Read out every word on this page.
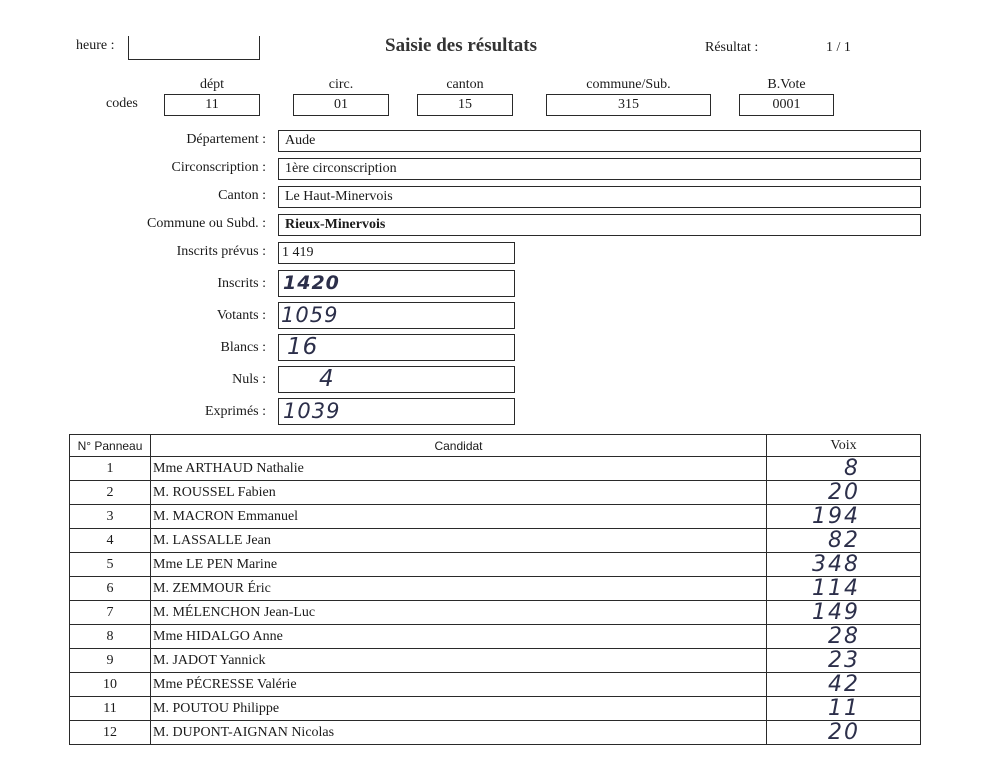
heure :	Saisie des résultats	Résultat :	1 / 1
dépt	circ.	canton	commune/Sub.	B.Vote
codes	11	01	15	315	0001
Département :	Aude
Circonscription :	1ère circonscription
Canton :	Le Haut-Minervois
Commune ou Subd. :	Rieux-Minervois
Inscrits prévus : 1 419
Inscrits : 1420
Votants : 1059
Blancs : 16
Nuls : 4
Exprimés : 1039
N° Panneau	Candidat	Voix
1	Mme ARTHAUD Nathalie	8
2	M. ROUSSEL Fabien	20
3	M. MACRON Emmanuel	194
4	M. LASSALLE Jean	82
5	Mme LE PEN Marine	348
6	M. ZEMMOUR Éric	114
7	M. MÉLENCHON Jean-Luc	149
8	Mme HIDALGO Anne	28
9	M. JADOT Yannick	23
10	Mme PÉCRESSE Valérie	42
11	M. POUTOU Philippe	11
12	M. DUPONT-AIGNAN Nicolas	20
